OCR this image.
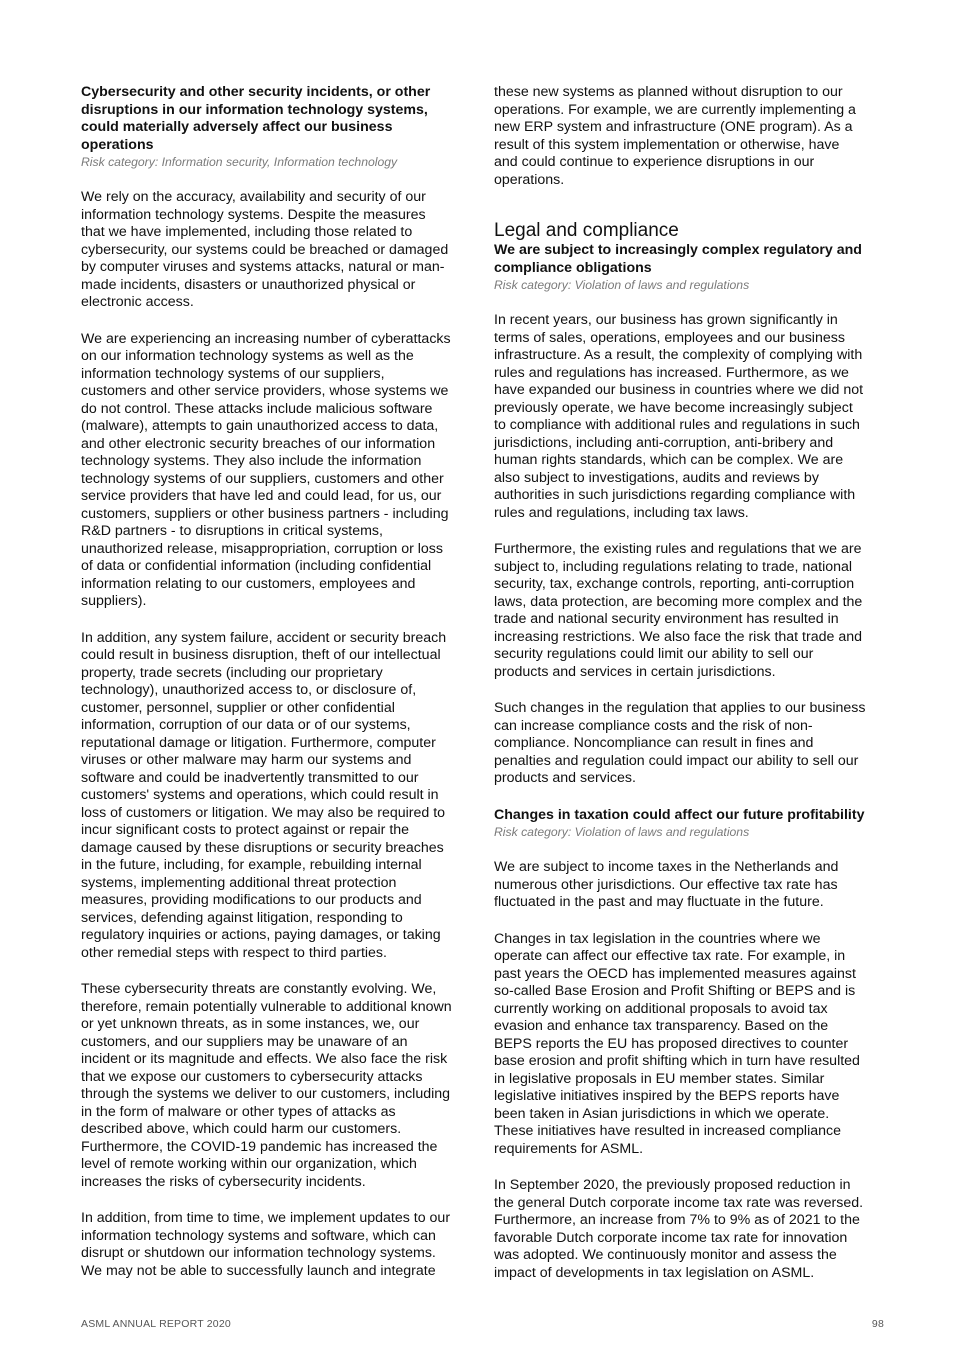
Cybersecurity and other security incidents, or other
disruptions in our information technology systems,
could materially adversely affect our business
operations
Risk category: Information security, Information technology
We rely on the accuracy, availability and security of our
information technology systems. Despite the measures
that we have implemented, including those related to
cybersecurity, our systems could be breached or damaged
by computer viruses and systems attacks, natural or man-
made incidents, disasters or unauthorized physical or
electronic access.
We are experiencing an increasing number of cyberattacks
on our information technology systems as well as the
information technology systems of our suppliers,
customers and other service providers, whose systems we
do not control. These attacks include malicious software
(malware), attempts to gain unauthorized access to data,
and other electronic security breaches of our information
technology systems. They also include the information
technology systems of our suppliers, customers and other
service providers that have led and could lead, for us, our
customers, suppliers or other business partners - including
R&D partners - to disruptions in critical systems,
unauthorized release, misappropriation, corruption or loss
of data or confidential information (including confidential
information relating to our customers, employees and
suppliers).
In addition, any system failure, accident or security breach
could result in business disruption, theft of our intellectual
property, trade secrets (including our proprietary
technology), unauthorized access to, or disclosure of,
customer, personnel, supplier or other confidential
information, corruption of our data or of our systems,
reputational damage or litigation. Furthermore, computer
viruses or other malware may harm our systems and
software and could be inadvertently transmitted to our
customers' systems and operations, which could result in
loss of customers or litigation. We may also be required to
incur significant costs to protect against or repair the
damage caused by these disruptions or security breaches
in the future, including, for example, rebuilding internal
systems, implementing additional threat protection
measures, providing modifications to our products and
services, defending against litigation, responding to
regulatory inquiries or actions, paying damages, or taking
other remedial steps with respect to third parties.
These cybersecurity threats are constantly evolving. We,
therefore, remain potentially vulnerable to additional known
or yet unknown threats, as in some instances, we, our
customers, and our suppliers may be unaware of an
incident or its magnitude and effects. We also face the risk
that we expose our customers to cybersecurity attacks
through the systems we deliver to our customers, including
in the form of malware or other types of attacks as
described above, which could harm our customers.
Furthermore, the COVID-19 pandemic has increased the
level of remote working within our organization, which
increases the risks of cybersecurity incidents.
In addition, from time to time, we implement updates to our
information technology systems and software, which can
disrupt or shutdown our information technology systems.
We may not be able to successfully launch and integrate
these new systems as planned without disruption to our
operations. For example, we are currently implementing a
new ERP system and infrastructure (ONE program). As a
result of this system implementation or otherwise, have
and could continue to experience disruptions in our
operations.
Legal and compliance
We are subject to increasingly complex regulatory and
compliance obligations
Risk category: Violation of laws and regulations
In recent years, our business has grown significantly in
terms of sales, operations, employees and our business
infrastructure. As a result, the complexity of complying with
rules and regulations has increased. Furthermore, as we
have expanded our business in countries where we did not
previously operate, we have become increasingly subject
to compliance with additional rules and regulations in such
jurisdictions, including anti-corruption, anti-bribery and
human rights standards, which can be complex. We are
also subject to investigations, audits and reviews by
authorities in such jurisdictions regarding compliance with
rules and regulations, including tax laws.
Furthermore, the existing rules and regulations that we are
subject to, including regulations relating to trade, national
security, tax, exchange controls, reporting, anti-corruption
laws, data protection, are becoming more complex and the
trade and national security environment has resulted in
increasing restrictions. We also face the risk that trade and
security regulations could limit our ability to sell our
products and services in certain jurisdictions.
Such changes in the regulation that applies to our business
can increase compliance costs and the risk of non-
compliance. Noncompliance can result in fines and
penalties and regulation could impact our ability to sell our
products and services.
Changes in taxation could affect our future profitability
Risk category: Violation of laws and regulations
We are subject to income taxes in the Netherlands and
numerous other jurisdictions. Our effective tax rate has
fluctuated in the past and may fluctuate in the future.
Changes in tax legislation in the countries where we
operate can affect our effective tax rate. For example, in
past years the OECD has implemented measures against
so-called Base Erosion and Profit Shifting or BEPS and is
currently working on additional proposals to avoid tax
evasion and enhance tax transparency. Based on the
BEPS reports the EU has proposed directives to counter
base erosion and profit shifting which in turn have resulted
in legislative proposals in EU member states. Similar
legislative initiatives inspired by the BEPS reports have
been taken in Asian jurisdictions in which we operate.
These initiatives have resulted in increased compliance
requirements for ASML.
In September 2020, the previously proposed reduction in
the general Dutch corporate income tax rate was reversed.
Furthermore, an increase from 7% to 9% as of 2021 to the
favorable Dutch corporate income tax rate for innovation
was adopted. We continuously monitor and assess the
impact of developments in tax legislation on ASML.
ASML ANNUAL REPORT 2020	98
